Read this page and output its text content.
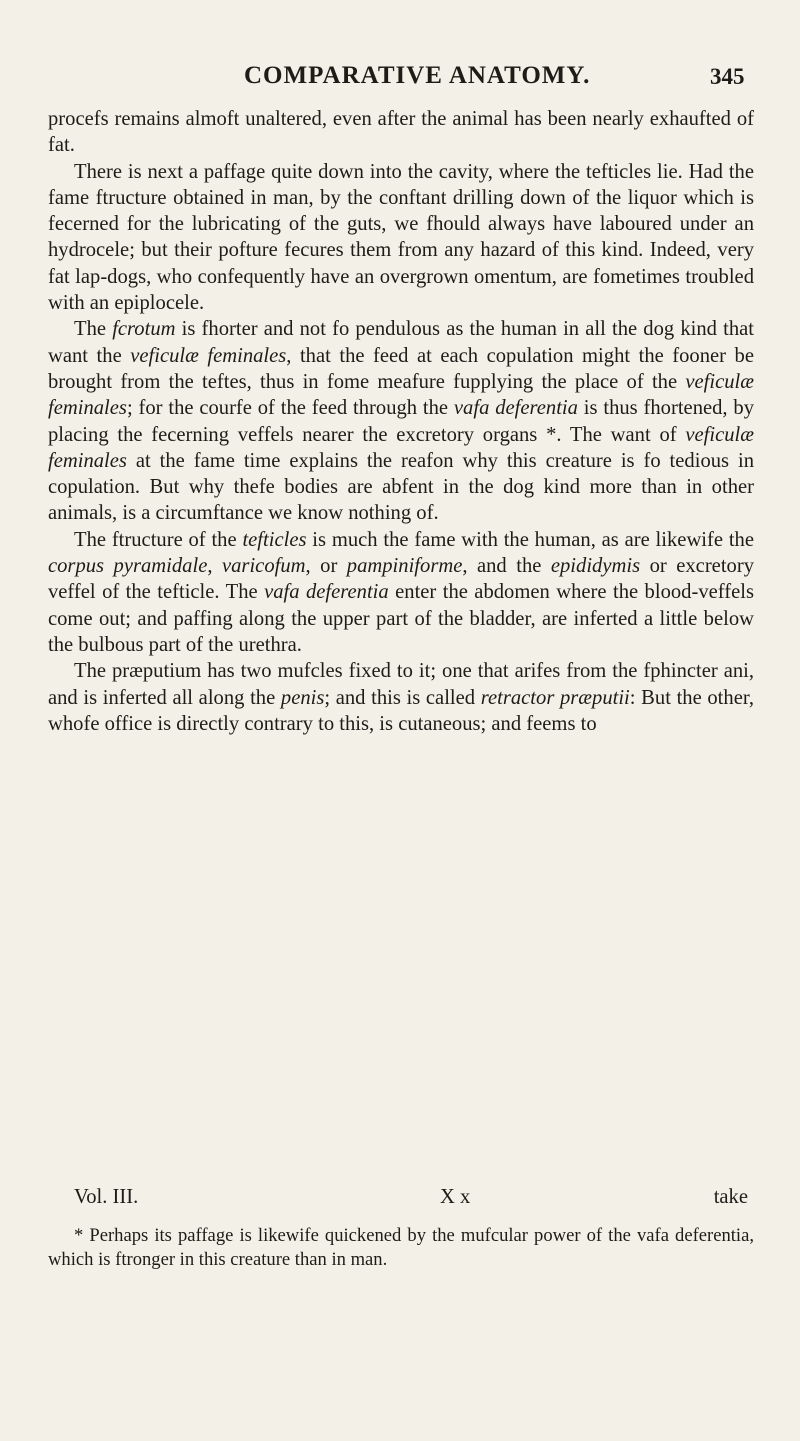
COMPARATIVE ANATOMY.	345

procefs remains almoft unaltered, even after the animal has been nearly exhaufted of fat.

There is next a paffage quite down into the cavity, where the tefticles lie. Had the fame ftructure obtained in man, by the conftant drilling down of the liquor which is fecerned for the lubricating of the guts, we fhould always have laboured under an hydrocele; but their pofture fecures them from any hazard of this kind. Indeed, very fat lap-dogs, who confequently have an overgrown omentum, are fometimes troubled with an epiplocele.

The fcrotum is fhorter and not fo pendulous as the human in all the dog kind that want the veficulæ feminales, that the feed at each copulation might the fooner be brought from the teftes, thus in fome meafure fupplying the place of the veficulæ feminales; for the courfe of the feed through the vafa deferentia is thus fhortened, by placing the fecerning veffels nearer the excretory organs *. The want of veficulæ feminales at the fame time explains the reafon why this creature is fo tedious in copulation. But why thefe bodies are abfent in the dog kind more than in other animals, is a circumftance we know nothing of.

The ftructure of the tefticles is much the fame with the human, as are likewife the corpus pyramidale, varicofum, or pampiniforme, and the epididymis or excretory veffel of the tefticle. The vafa deferentia enter the abdomen where the blood-veffels come out; and paffing along the upper part of the bladder, are inferted a little below the bulbous part of the urethra.

The præputium has two mufcles fixed to it; one that arifes from the fphincter ani, and is inferted all along the penis; and this is called retractor præputii: But the other, whofe office is directly contrary to this, is cutaneous; and feems to

Vol. III.	X x	take
* Perhaps its paffage is likewife quickened by the mufcular power of the vafa deferentia, which is ftronger in this creature than in man.
